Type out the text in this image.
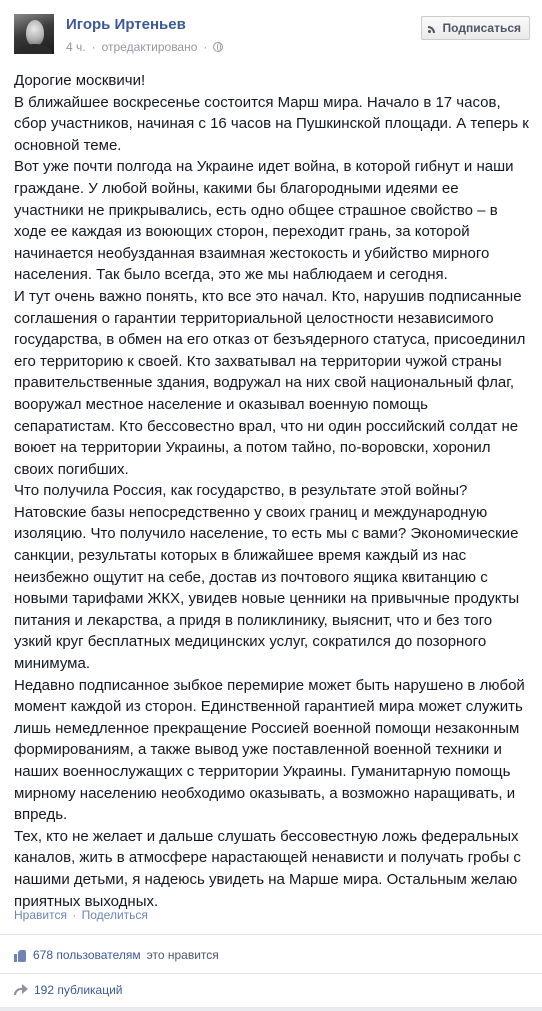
Игорь Иртеньев
4 ч. · отредактировано ·
Подписаться

Дорогие москвичи!

В ближайшее воскресенье состоится Марш мира. Начало в 17 часов, сбор участников, начиная с 16 часов на Пушкинской площади. А теперь к основной теме.

Вот уже почти полгода на Украине идет война, в которой гибнут и наши граждане. У любой войны, какими бы благородными идеями ее участники не прикрывались, есть одно общее страшное свойство – в ходе ее каждая из воюющих сторон, переходит грань, за которой начинается необузданная взаимная жестокость и убийство мирного населения. Так было всегда, это же мы наблюдаем и сегодня.

И тут очень важно понять, кто все это начал. Кто, нарушив подписанные соглашения о гарантии территориальной целостности независимого государства, в обмен на его отказ от безъядерного статуса, присоединил его территорию к своей. Кто захватывал на территории чужой страны правительственные здания, водружал на них свой национальный флаг, вооружал местное население и оказывал военную помощь сепаратистам. Кто бессовестно врал, что ни один российский солдат не воюет на территории Украины, а потом тайно, по-воровски, хоронил своих погибших.

Что получила Россия, как государство, в результате этой войны? Натовские базы непосредственно у своих границ и международную изоляцию. Что получило население, то есть мы с вами? Экономические санкции, результаты которых в ближайшее время каждый из нас неизбежно ощутит на себе, достав из почтового ящика квитанцию с новыми тарифами ЖКХ, увидев новые ценники на привычные продукты питания и лекарства, а придя в поликлинику, выяснит, что и без того узкий круг бесплатных медицинских услуг, сократился до позорного минимума.

Недавно подписанное зыбкое перемирие может быть нарушено в любой момент каждой из сторон. Единственной гарантией мира может служить лишь немедленное прекращение Россией военной помощи незаконным формированиям, а также вывод уже поставленной военной техники и наших военнослужащих с территории Украины. Гуманитарную помощь мирному населению необходимо оказывать, а возможно наращивать, и впредь.

Тех, кто не желает и дальше слушать бессовестную ложь федеральных каналов, жить в атмосфере нарастающей ненависти и получать гробы с нашими детьми, я надеюсь увидеть на Марше мира. Остальным желаю приятных выходных.

Нравится · Поделиться
678 пользователям это нравится
192 публикаций
